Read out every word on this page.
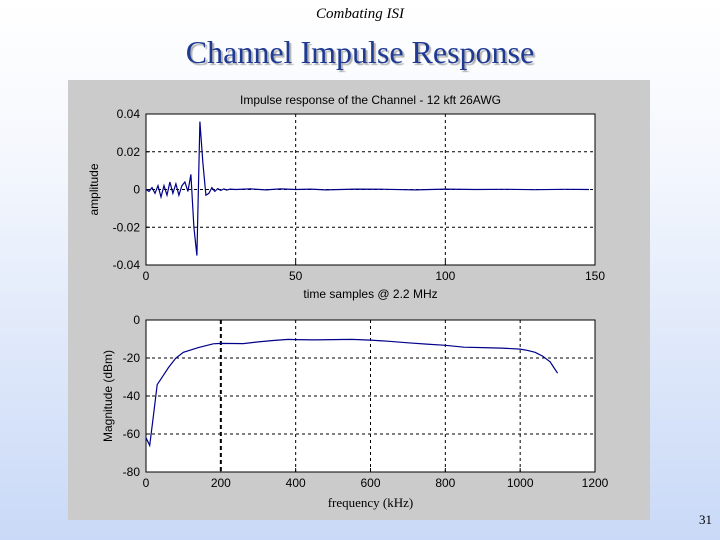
Combating ISI
Channel Impulse Response
0	50	100	150
0.04
0.02
0
-0.02
-0.04
Impulse response of the Channel - 12 kft 26AWG
time samples @ 2.2 MHz
amplitude
0	200	400	600	800	1000	1200
0
-20
-40
-60
-80
frequency (kHz)
Magnitude (dBm)
31
